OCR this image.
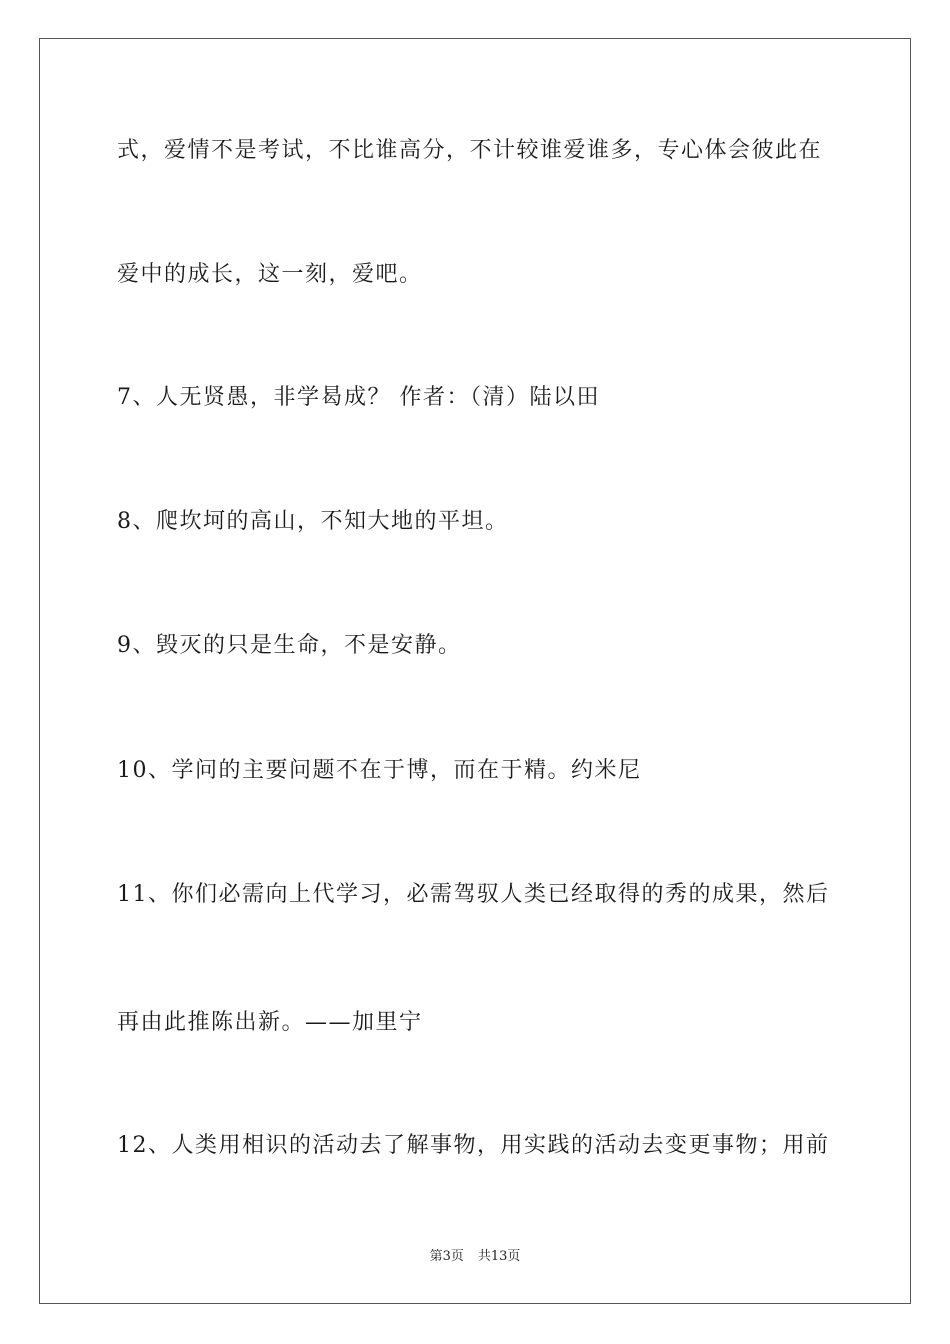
式，爱情不是考试，不比谁高分，不计较谁爱谁多，专心体会彼此在
爱中的成长，这一刻，爱吧。
7、人无贤愚，非学曷成？ 作者：（清）陆以田
8、爬坎坷的高山，不知大地的平坦。
9、毁灭的只是生命，不是安静。
10、学问的主要问题不在于博，而在于精。约米尼
11、你们必需向上代学习，必需驾驭人类已经取得的秀的成果，然后
再由此推陈出新。——加里宁
12、人类用相识的活动去了解事物，用实践的活动去变更事物；用前
第3页 共13页
